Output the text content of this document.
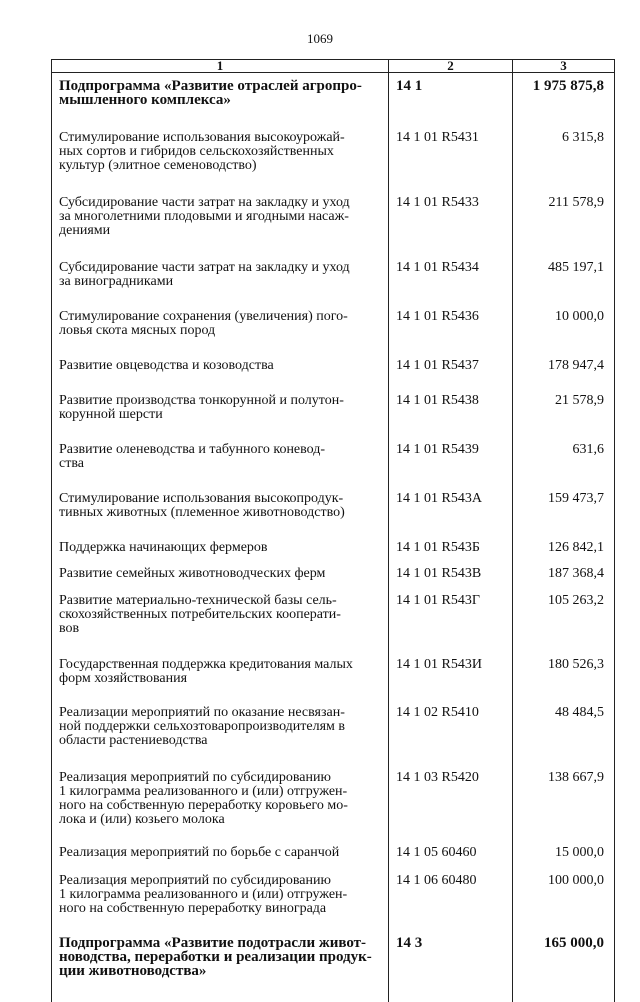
1069
1	2	3
Подпрограмма «Развитие отраслей агропро-
мышленного комплекса»	14 1	1 975 875,8
Стимулирование использования высокоурожай-
ных сортов и гибридов сельскохозяйственных
культур (элитное семеноводство)	14 1 01 R5431	6 315,8
Субсидирование части затрат на закладку и уход
за многолетними плодовыми и ягодными насаж-
дениями	14 1 01 R5433	211 578,9
Субсидирование части затрат на закладку и уход
за виноградниками	14 1 01 R5434	485 197,1
Стимулирование сохранения (увеличения) пого-
ловья скота мясных пород	14 1 01 R5436	10 000,0
Развитие овцеводства и козоводства	14 1 01 R5437	178 947,4
Развитие производства тонкорунной и полутон-
корунной шерсти	14 1 01 R5438	21 578,9
Развитие оленеводства и табунного коневод-
ства	14 1 01 R5439	631,6
Стимулирование использования высокопродук-
тивных животных (племенное животноводство)	14 1 01 R543A	159 473,7
Поддержка начинающих фермеров	14 1 01 R543Б	126 842,1
Развитие семейных животноводческих ферм	14 1 01 R543B	187 368,4
Развитие материально-технической базы сель-
скохозяйственных потребительских кооперати-
вов	14 1 01 R543Г	105 263,2
Государственная поддержка кредитования малых
форм хозяйствования	14 1 01 R543И	180 526,3
Реализации мероприятий по оказание несвязан-
ной поддержки сельхозтоваропроизводителям в
области растениеводства	14 1 02 R5410	48 484,5
Реализация мероприятий по субсидированию
1 килограмма реализованного и (или) отгружен-
ного на собственную переработку коровьего мо-
лока и (или) козьего молока	14 1 03 R5420	138 667,9
Реализация мероприятий по борьбе с саранчой	14 1 05 60460	15 000,0
Реализация мероприятий по субсидированию
1 килограмма реализованного и (или) отгружен-
ного на собственную переработку винограда	14 1 06 60480	100 000,0
Подпрограмма «Развитие подотрасли живот-
новодства, переработки и реализации продук-
ции животноводства»	14 3	165 000,0
